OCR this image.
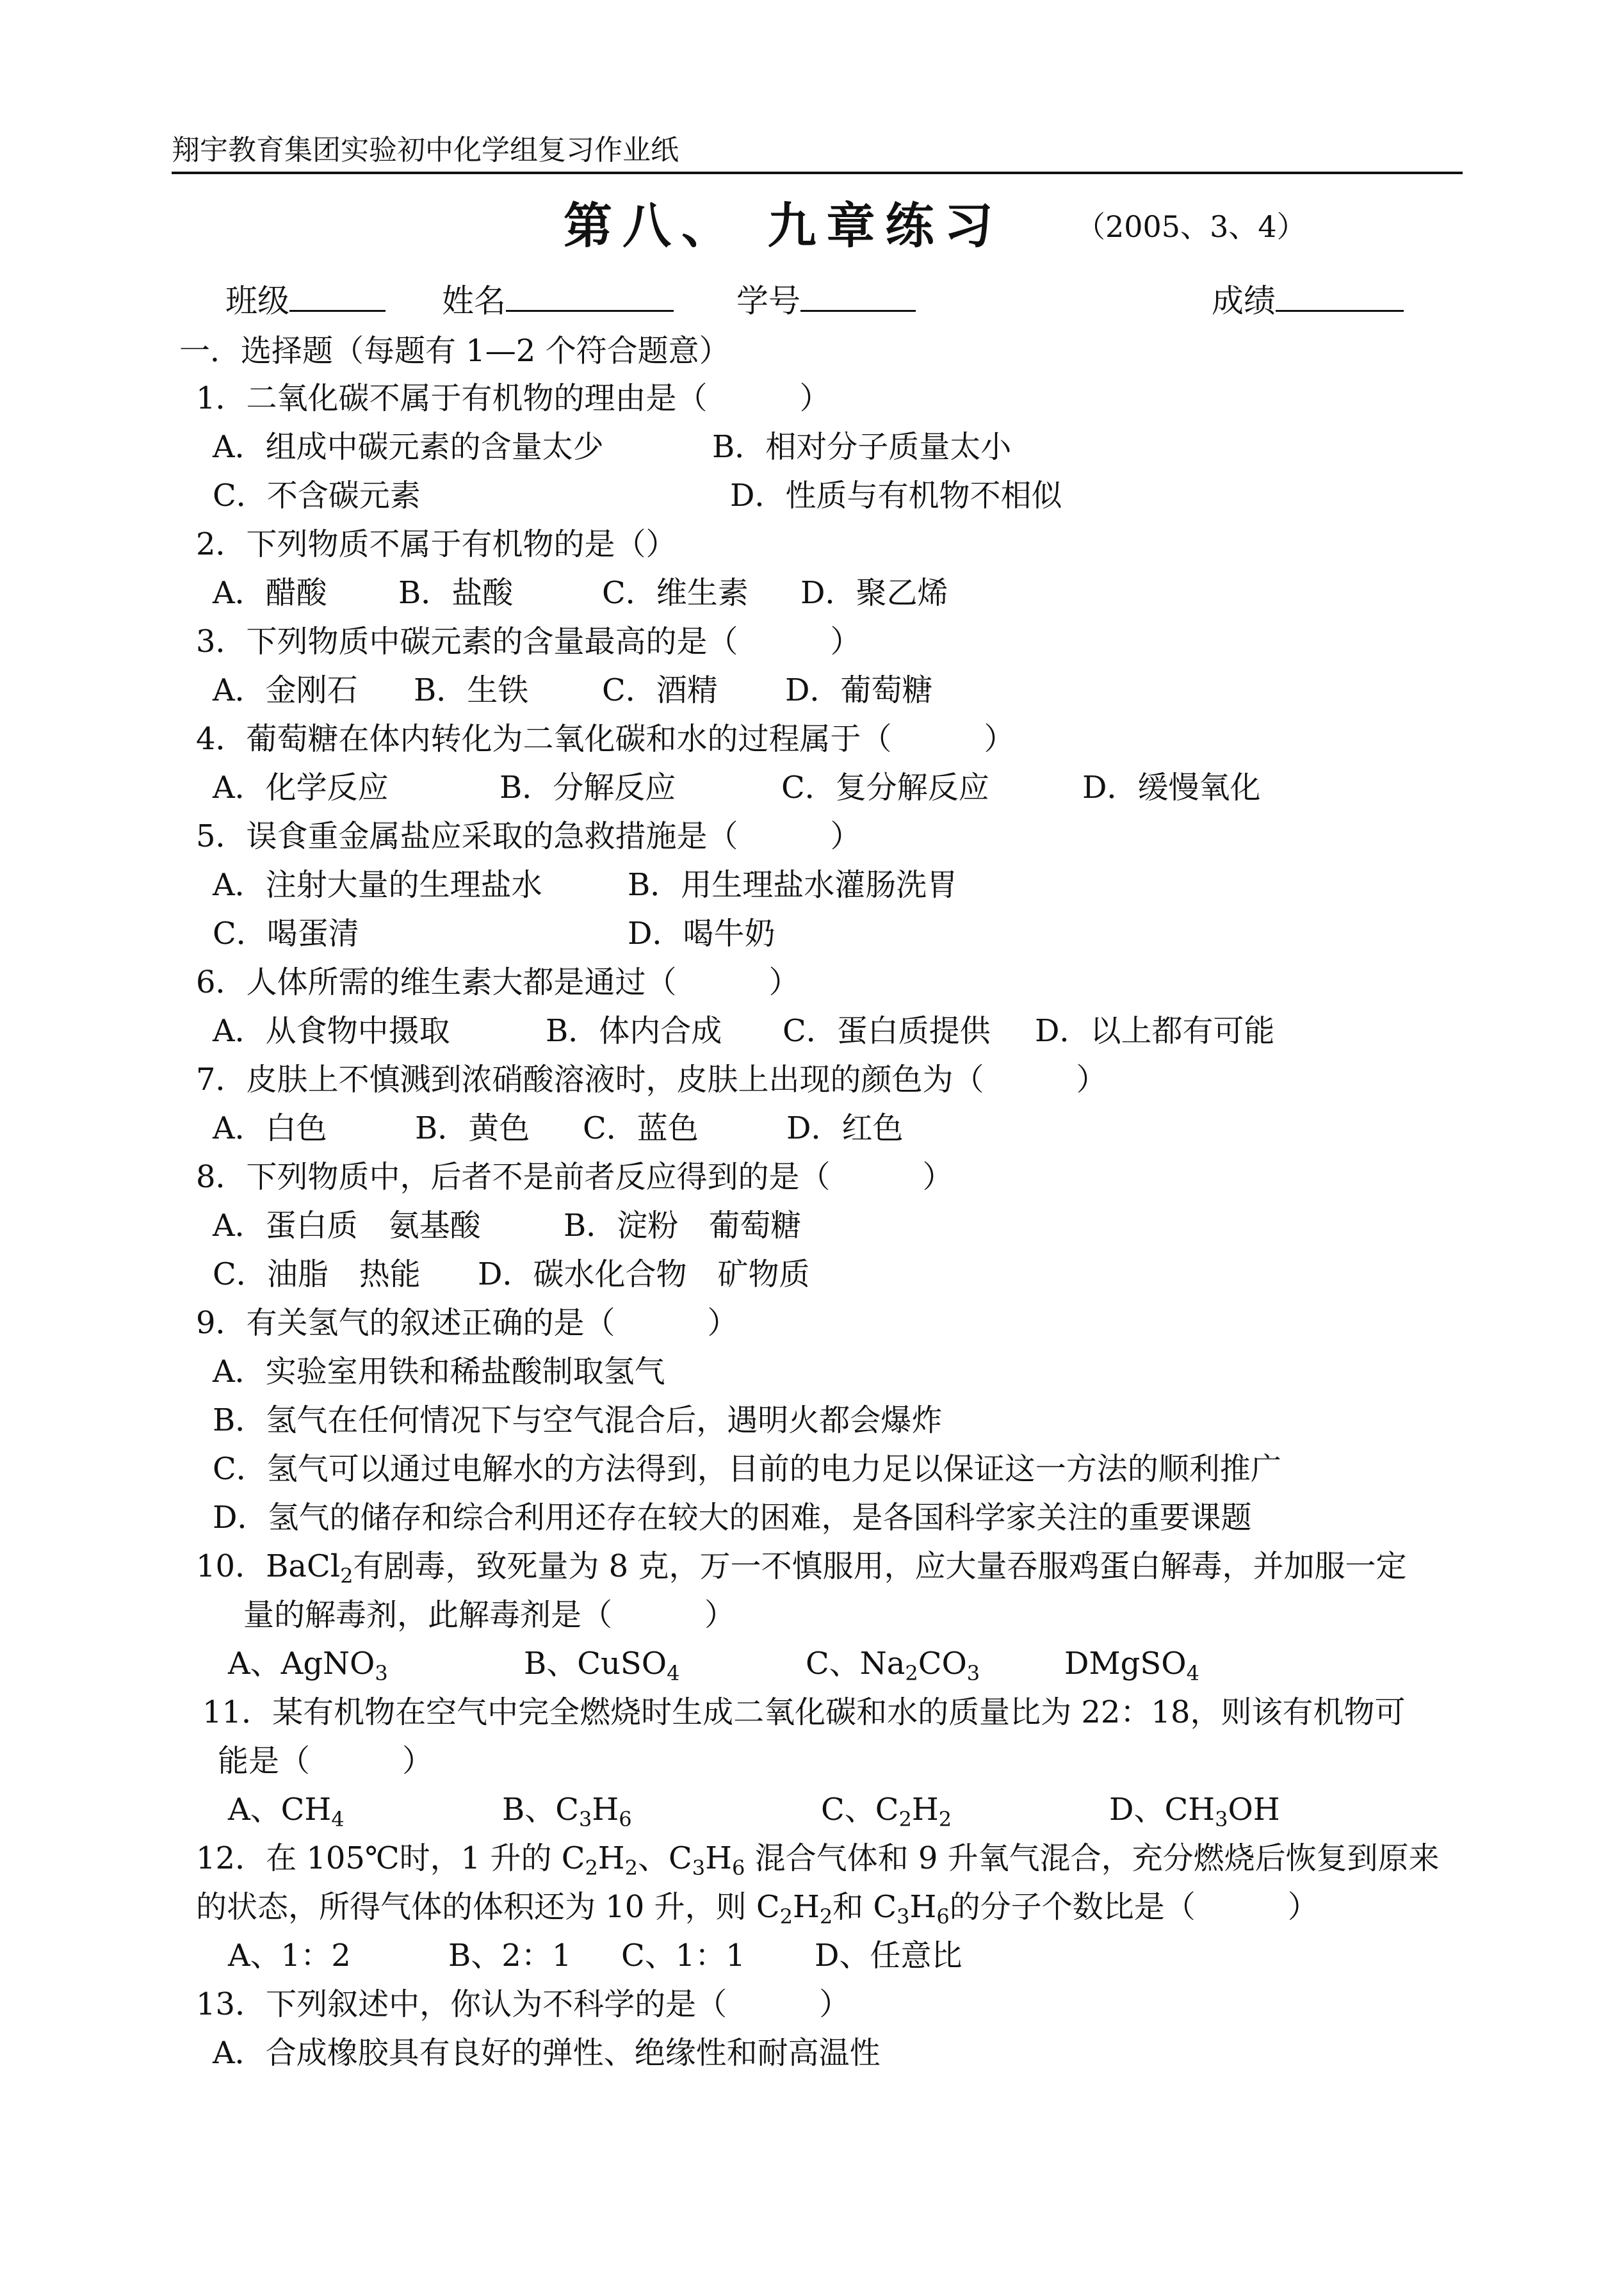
翔宇教育集团实验初中化学组复习作业纸
第八、 九章练习 （2005、3、4）
班级	姓名	学号	成绩
一．选择题（每题有 1—2 个符合题意）
1．二氧化碳不属于有机物的理由是（　　　）
A．组成中碳元素的含量太少	B．相对分子质量太小
C．不含碳元素	D．性质与有机物不相似
2．下列物质不属于有机物的是（）
A．醋酸 B．盐酸	C．维生素 D．聚乙烯
3．下列物质中碳元素的含量最高的是（　　　）
A．金刚石 B．生铁 C．酒精 D．葡萄糖
4．葡萄糖在体内转化为二氧化碳和水的过程属于（　　　）
A．化学反应	B．分解反应	C．复分解反应	D．缓慢氧化
5．误食重金属盐应采取的急救措施是（　　　）
A．注射大量的生理盐水	B．用生理盐水灌肠洗胃
C．喝蛋清	D．喝牛奶
6．人体所需的维生素大都是通过（　　　）
A．从食物中摄取	B．体内合成 C．蛋白质提供 D．以上都有可能
7．皮肤上不慎溅到浓硝酸溶液时，皮肤上出现的颜色为（　　　）
A．白色	B．黄色 C．蓝色	D．红色
8．下列物质中，后者不是前者反应得到的是（　　　）
A．蛋白质　氨基酸	B．淀粉　葡萄糖
C．油脂　热能 D．碳水化合物　矿物质
9．有关氢气的叙述正确的是（　　　）
A．实验室用铁和稀盐酸制取氢气
B．氢气在任何情况下与空气混合后，遇明火都会爆炸
C．氢气可以通过电解水的方法得到，目前的电力足以保证这一方法的顺利推广
D．氢气的储存和综合利用还存在较大的困难，是各国科学家关注的重要课题
10．BaCl$_2$有剧毒，致死量为 8 克，万一不慎服用，应大量吞服鸡蛋白解毒，并加服一定
量的解毒剂，此解毒剂是（　　　）
A、AgNO$_3$	B、CuSO$_4$	C、$Na_2CO_3$	DMgSO$_4$
11．某有机物在空气中完全燃烧时生成二氧化碳和水的质量比为 22：18，则该有机物可
能是（　　　）
A、$CH_4$	B、$C_3H_6$	C、$C_2H_2$	D、$CH_3OH$
12．在 105℃时，1 升的 $C_2H_2$、$C_3H_6$ 混合气体和 9 升氧气混合，充分燃烧后恢复到原来
的状态，所得气体的体积还为 10 升，则 $C_2H_2$和 $C_3H_6$的分子个数比是（　　　）
A、1：2	B、2：1 C、1：1 D、任意比
13．下列叙述中，你认为不科学的是（　　　）
A．合成橡胶具有良好的弹性、绝缘性和耐高温性
